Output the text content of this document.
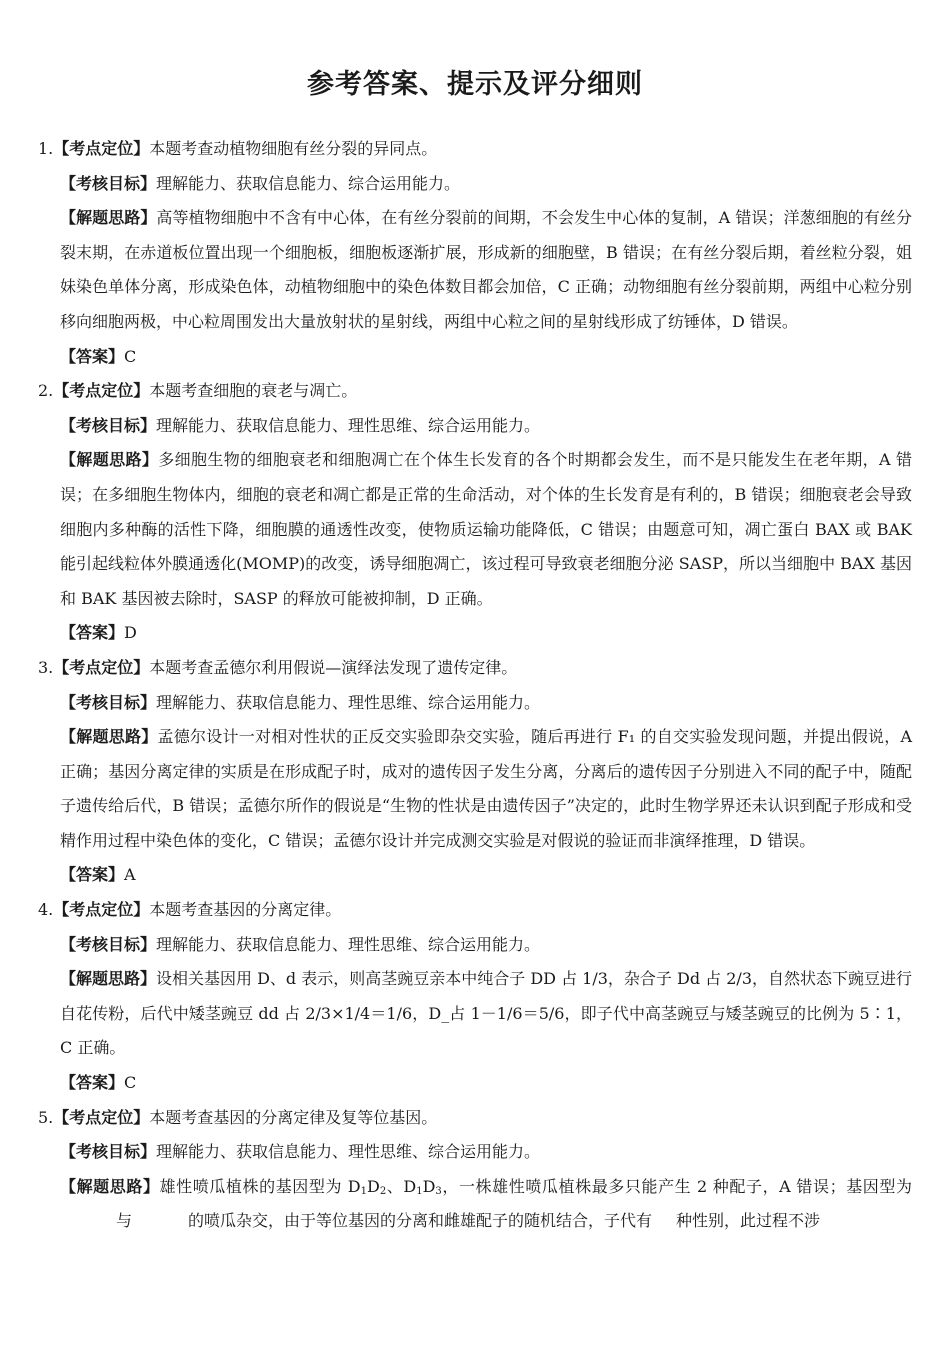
参考答案、提示及评分细则
1.【考点定位】本题考查动植物细胞有丝分裂的异同点。
【考核目标】理解能力、获取信息能力、综合运用能力。
【解题思路】高等植物细胞中不含有中心体，在有丝分裂前的间期，不会发生中心体的复制，A 错误；洋葱细胞的有丝分裂末期，在赤道板位置出现一个细胞板，细胞板逐渐扩展，形成新的细胞壁，B 错误；在有丝分裂后期，着丝粒分裂，姐妹染色单体分离，形成染色体，动植物细胞中的染色体数目都会加倍，C 正确；动物细胞有丝分裂前期，两组中心粒分别移向细胞两极，中心粒周围发出大量放射状的星射线，两组中心粒之间的星射线形成了纺锤体，D 错误。
【答案】C
2.【考点定位】本题考查细胞的衰老与凋亡。
【考核目标】理解能力、获取信息能力、理性思维、综合运用能力。
【解题思路】多细胞生物的细胞衰老和细胞凋亡在个体生长发育的各个时期都会发生，而不是只能发生在老年期，A 错误；在多细胞生物体内，细胞的衰老和凋亡都是正常的生命活动，对个体的生长发育是有利的，B 错误；细胞衰老会导致细胞内多种酶的活性下降，细胞膜的通透性改变，使物质运输功能降低，C 错误；由题意可知，凋亡蛋白 BAX 或 BAK 能引起线粒体外膜通透化(MOMP)的改变，诱导细胞凋亡，该过程可导致衰老细胞分泌 SASP，所以当细胞中 BAX 基因和 BAK 基因被去除时，SASP 的释放可能被抑制，D 正确。
【答案】D
3.【考点定位】本题考查孟德尔利用假说—演绎法发现了遗传定律。
【考核目标】理解能力、获取信息能力、理性思维、综合运用能力。
【解题思路】孟德尔设计一对相对性状的正反交实验即杂交实验，随后再进行 F₁ 的自交实验发现问题，并提出假说，A 正确；基因分离定律的实质是在形成配子时，成对的遗传因子发生分离，分离后的遗传因子分别进入不同的配子中，随配子遗传给后代，B 错误；孟德尔所作的假说是“生物的性状是由遗传因子”决定的，此时生物学界还未认识到配子形成和受精作用过程中染色体的变化，C 错误；孟德尔设计并完成测交实验是对假说的验证而非演绎推理，D 错误。
【答案】A
4.【考点定位】本题考查基因的分离定律。
【考核目标】理解能力、获取信息能力、理性思维、综合运用能力。
【解题思路】设相关基因用 D、d 表示，则高茎豌豆亲本中纯合子 DD 占 1/3，杂合子 Dd 占 2/3，自然状态下豌豆进行自花传粉，后代中矮茎豌豆 dd 占 2/3×1/4＝1/6，D_占 1－1/6＝5/6，即子代中高茎豌豆与矮茎豌豆的比例为 5∶1，C 正确。
【答案】C
5.【考点定位】本题考查基因的分离定律及复等位基因。
【考核目标】理解能力、获取信息能力、理性思维、综合运用能力。
【解题思路】雄性喷瓜植株的基因型为 $D_1D_2$、$D_1D_3$，一株雄性喷瓜植株最多只能产生 2 种配子，A 错误；基因型为与	的喷瓜杂交，由于等位基因的分离和雌雄配子的随机结合，子代有 种性别，此过程不涉
